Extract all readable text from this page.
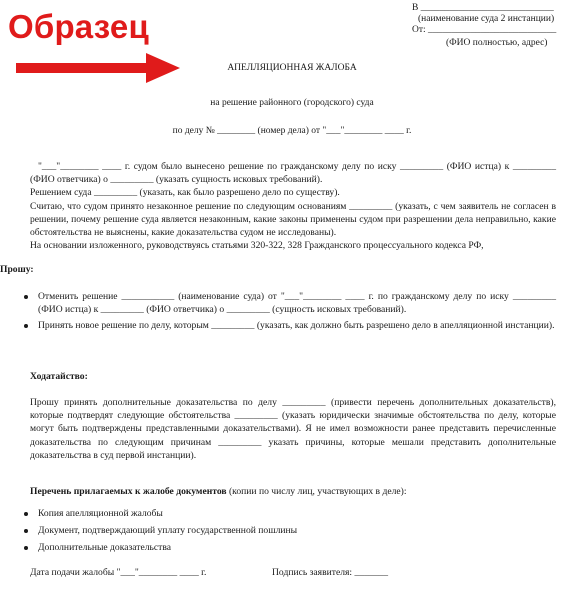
Образец	В ____________________________
(наименование суда 2 инстанции)
От: ___________________________
(ФИО полностью, адрес)
АПЕЛЛЯЦИОННАЯ ЖАЛОБА
на решение районного (городского) суда
по делу № ________ (номер дела) от "___"________ ____ г.
"___"________ ____ г. судом было вынесено решение по гражданскому делу по иску _________ (ФИО истца) к _________ (ФИО ответчика) о _________ (указать сущность исковых требований).
Решением суда _________ (указать, как было разрешено дело по существу).
Считаю, что судом принято незаконное решение по следующим основаниям _________ (указать, с чем заявитель не согласен в решении, почему решение суда является незаконным, какие законы применены судом при разрешении дела неправильно, какие обстоятельства не выяснены, какие доказательства судом не исследованы).
На основании изложенного, руководствуясь статьями 320-322, 328 Гражданского процессуального кодекса РФ,
Прошу:
Отменить решение ___________ (наименование суда) от "___"________ ____ г. по гражданскому делу по иску _________ (ФИО истца) к _________ (ФИО ответчика) о _________ (сущность исковых требований).
Принять новое решение по делу, которым _________ (указать, как должно быть разрешено дело в апелляционной инстанции).
Ходатайство:
Прошу принять дополнительные доказательства по делу _________ (привести перечень дополнительных доказательств), которые подтвердят следующие обстоятельства _________ (указать юридически значимые обстоятельства по делу, которые могут быть подтверждены представленными доказательствами). Я не имел возможности ранее представить перечисленные доказательства по следующим причинам _________ указать причины, которые мешали представить дополнительные доказательства в суд первой инстанции).
Перечень прилагаемых к жалобе документов (копии по числу лиц, участвующих в деле):
Копия апелляционной жалобы
Документ, подтверждающий уплату государственной пошлины
Дополнительные доказательства
Дата подачи жалобы "___"________ ____ г.	Подпись заявителя: _______
